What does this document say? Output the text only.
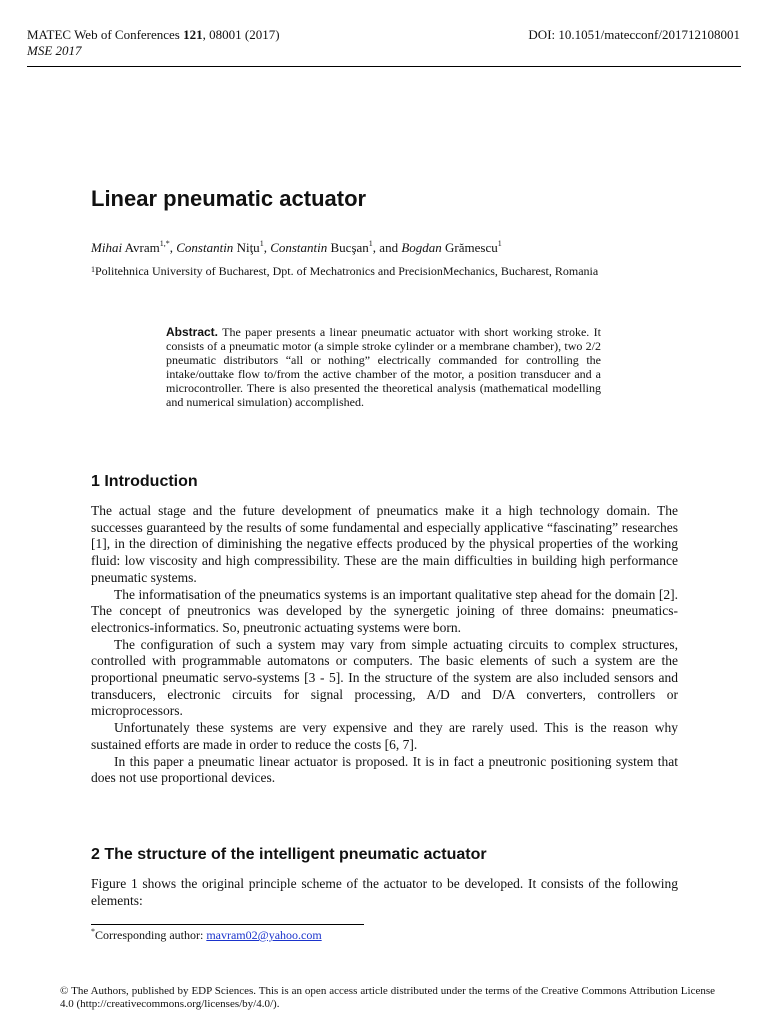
MATEC Web of Conferences 121, 08001 (2017)
MSE 2017
DOI: 10.1051/matecconf/201712108001
Linear pneumatic actuator
Mihai Avram$^{1,*}$, Constantin Niţu$^1$, Constantin Bucşan$^1$, and Bogdan Grămescu$^1$
$^1$Politehnica University of Bucharest, Dpt. of Mechatronics and PrecisionMechanics, Bucharest, Romania
Abstract. The paper presents a linear pneumatic actuator with short working stroke. It consists of a pneumatic motor (a simple stroke cylinder or a membrane chamber), two 2/2 pneumatic distributors “all or nothing” electrically commanded for controlling the intake/outtake flow to/from the active chamber of the motor, a position transducer and a microcontroller. There is also presented the theoretical analysis (mathematical modelling and numerical simulation) accomplished.
1 Introduction

The actual stage and the future development of pneumatics make it a high technology domain. The successes guaranteed by the results of some fundamental and especially applicative “fascinating” researches [1], in the direction of diminishing the negative effects produced by the physical properties of the working fluid: low viscosity and high compressibility. These are the main difficulties in building high performance pneumatic systems.

The informatisation of the pneumatics systems is an important qualitative step ahead for the domain [2]. The concept of pneutronics was developed by the synergetic joining of three domains: pneumatics-electronics-informatics. So, pneutronic actuating systems were born.

The configuration of such a system may vary from simple actuating circuits to complex structures, controlled with programmable automatons or computers. The basic elements of such a system are the proportional pneumatic servo-systems [3 - 5]. In the structure of the system are also included sensors and transducers, electronic circuits for signal processing, A/D and D/A converters, controllers or microprocessors.

Unfortunately these systems are very expensive and they are rarely used. This is the reason why sustained efforts are made in order to reduce the costs [6, 7].

In this paper a pneumatic linear actuator is proposed. It is in fact a pneutronic positioning system that does not use proportional devices.

2 The structure of the intelligent pneumatic actuator

Figure 1 shows the original principle scheme of the actuator to be developed. It consists of the following elements:

*Corresponding author: mavram02@yahoo.com
© The Authors, published by EDP Sciences. This is an open access article distributed under the terms of the Creative Commons Attribution License 4.0 (http://creativecommons.org/licenses/by/4.0/).
